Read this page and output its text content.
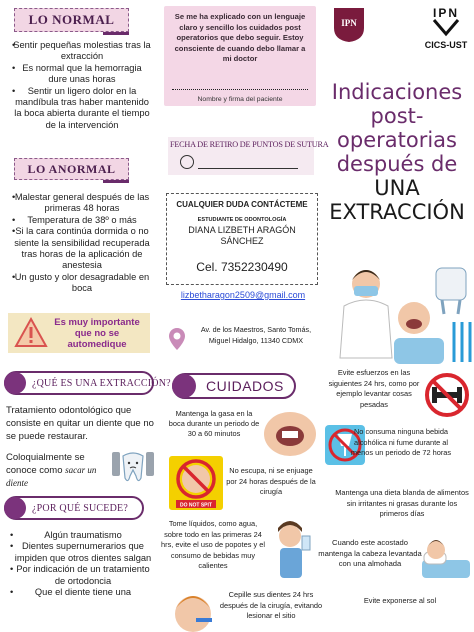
LO NORMAL
• Sentir pequeñas molestias tras la extracción
• Es normal que la hemorragia dure unas horas
• Sentir un ligero dolor en la mandíbula tras haber mantenido la boca abierta durante el tiempo de la intervención
LO ANORMAL
• Malestar general después de las primeras 48 horas
• Temperatura de 38º o más
• Si la cara continúa dormida o no siente la sensibilidad recuperada tras horas de la aplicación de anestesia
• Un gusto y olor desagradable en boca
Es muy importante que no se automedique
¿QUÉ ES UNA EXTRACCIÓN?
Tratamiento odontológico que consiste en quitar un diente que no se puede restaurar.
Coloquialmente se conoce como sacar un diente
¿POR QUÉ SUCEDE?
• Algún traumatismo
• Dientes supernumerarios que impiden que otros dientes salgan
• Por indicación de un tratamiento de ortodoncia
• Que el diente tiene una
Se me ha explicado con un lenguaje claro y sencillo los cuidados post operatorios que debo seguir. Estoy consciente de cuando debo llamar a mi doctor
Nombre y firma del paciente
FECHA DE RETIRO DE PUNTOS DE SUTURA
CUALQUIER DUDA CONTÁCTEME
ESTUDIANTE DE ODONTOLOGÍA
DIANA LIZBETH ARAGÓN SÁNCHEZ
Cel. 7352230490
lizbetharagon2509@gmail.com
Av. de los Maestros, Santo Tomás, Miguel Hidalgo, 11340 CDMX
CUIDADOS
Mantenga la gasa en la boca durante un periodo de 30 a 60 minutos
DO NOT SPIT
No escupa, ni se enjuage por 24 horas después de la cirugía
Tome líquidos, como agua, sobre todo en las primeras 24 hrs, evite el uso de popotes y el consumo de bebidas muy calientes
Cepille sus dientes 24 hrs después de la cirugía, evitando lesionar el sitio
IPN
IPN
CICS-UST
Indicaciones
post-
operatorias
después de
UNA
EXTRACCIÓN
Evite esfuerzos en las siguientes 24 hrs, como por ejemplo levantar cosas pesadas
No consuma ninguna bebida alcohólica ni fume durante al menos un periodo de 72 horas
Mantenga una dieta blanda de alimentos sin irritantes ni grasas durante los primeros días
Cuando este acostado mantenga la cabeza levantada con una almohada
Evite exponerse al sol
